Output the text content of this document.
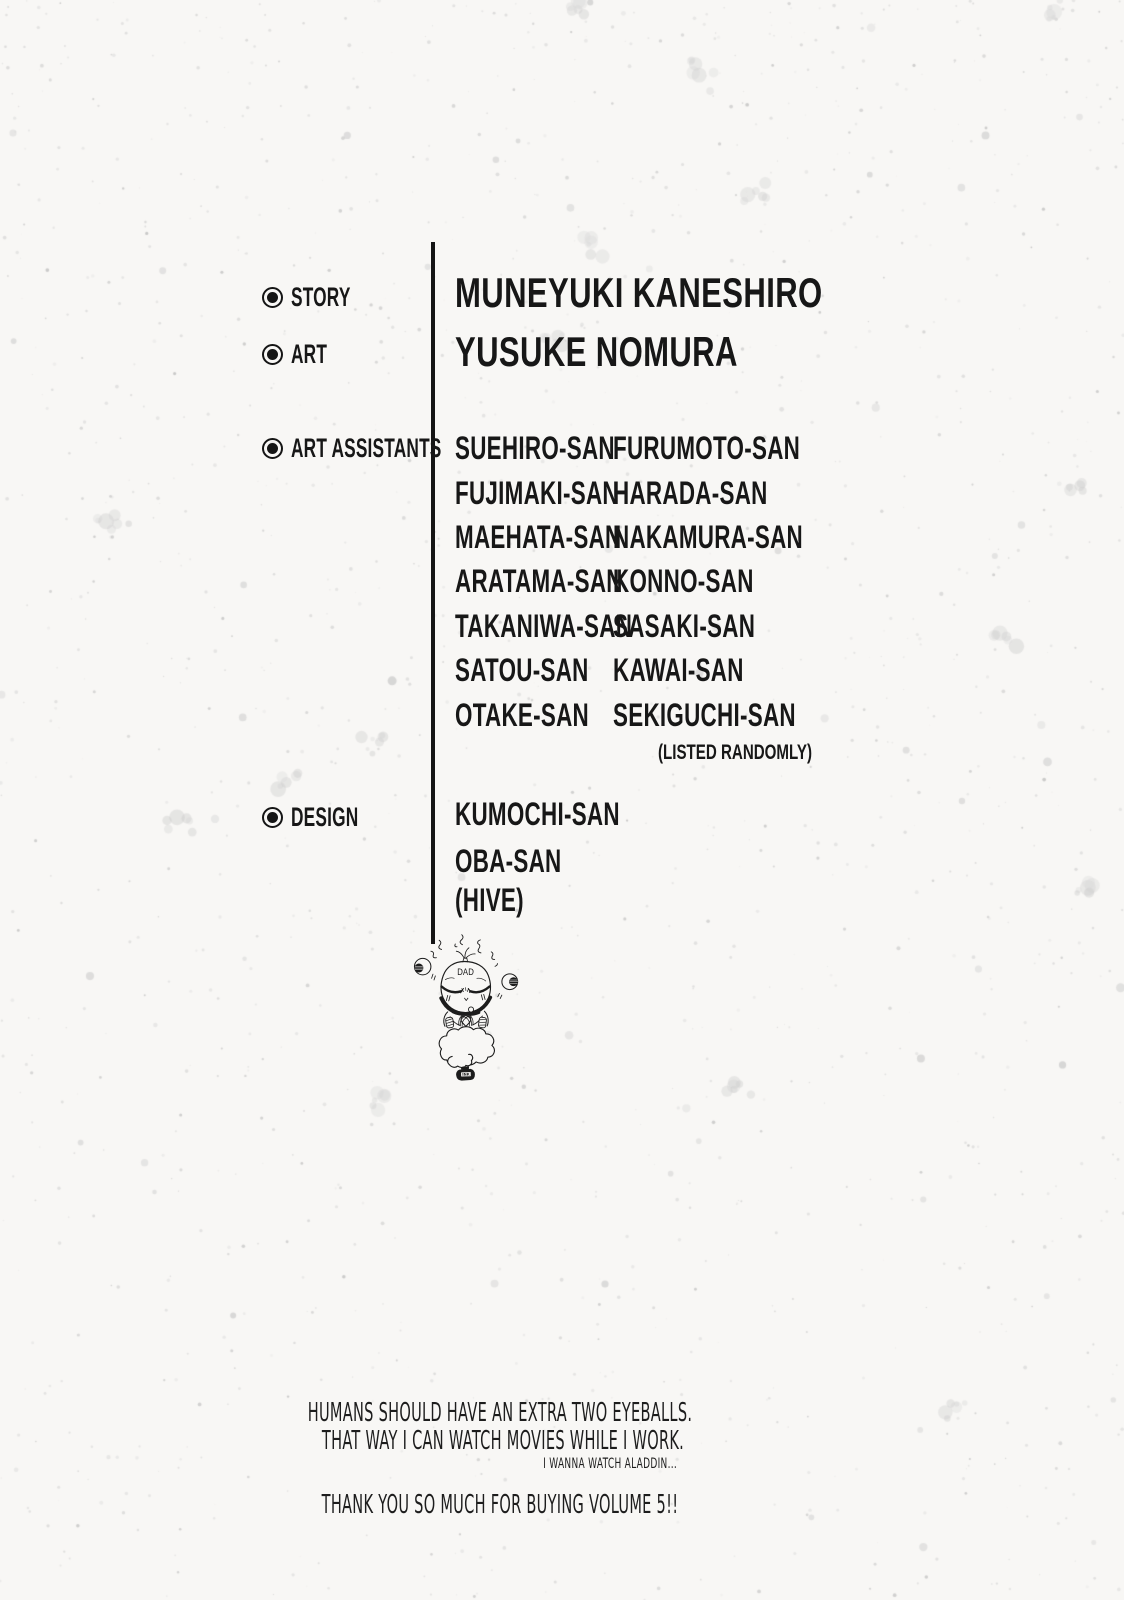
STORY
ART
ART ASSISTANTS
DESIGN
MUNEYUKI KANESHIRO
YUSUKE NOMURA
SUEHIRO-SAN
FURUMOTO-SAN
FUJIMAKI-SAN
HARADA-SAN
MAEHATA-SAN
NAKAMURA-SAN
ARATAMA-SAN
KONNO-SAN
TAKANIWA-SAN
SASAKI-SAN
SATOU-SAN KAWAI-SAN
OTAKE-SAN SEKIGUCHI-SAN
(LISTED RANDOMLY)
KUMOCHI-SAN
OBA-SAN
(HIVE)
DAD
INK
HUMANS SHOULD HAVE AN EXTRA TWO EYEBALLS.
THAT WAY I CAN WATCH MOVIES WHILE I WORK.
I WANNA WATCH ALADDIN...
THANK YOU SO MUCH FOR BUYING VOLUME 5!!
